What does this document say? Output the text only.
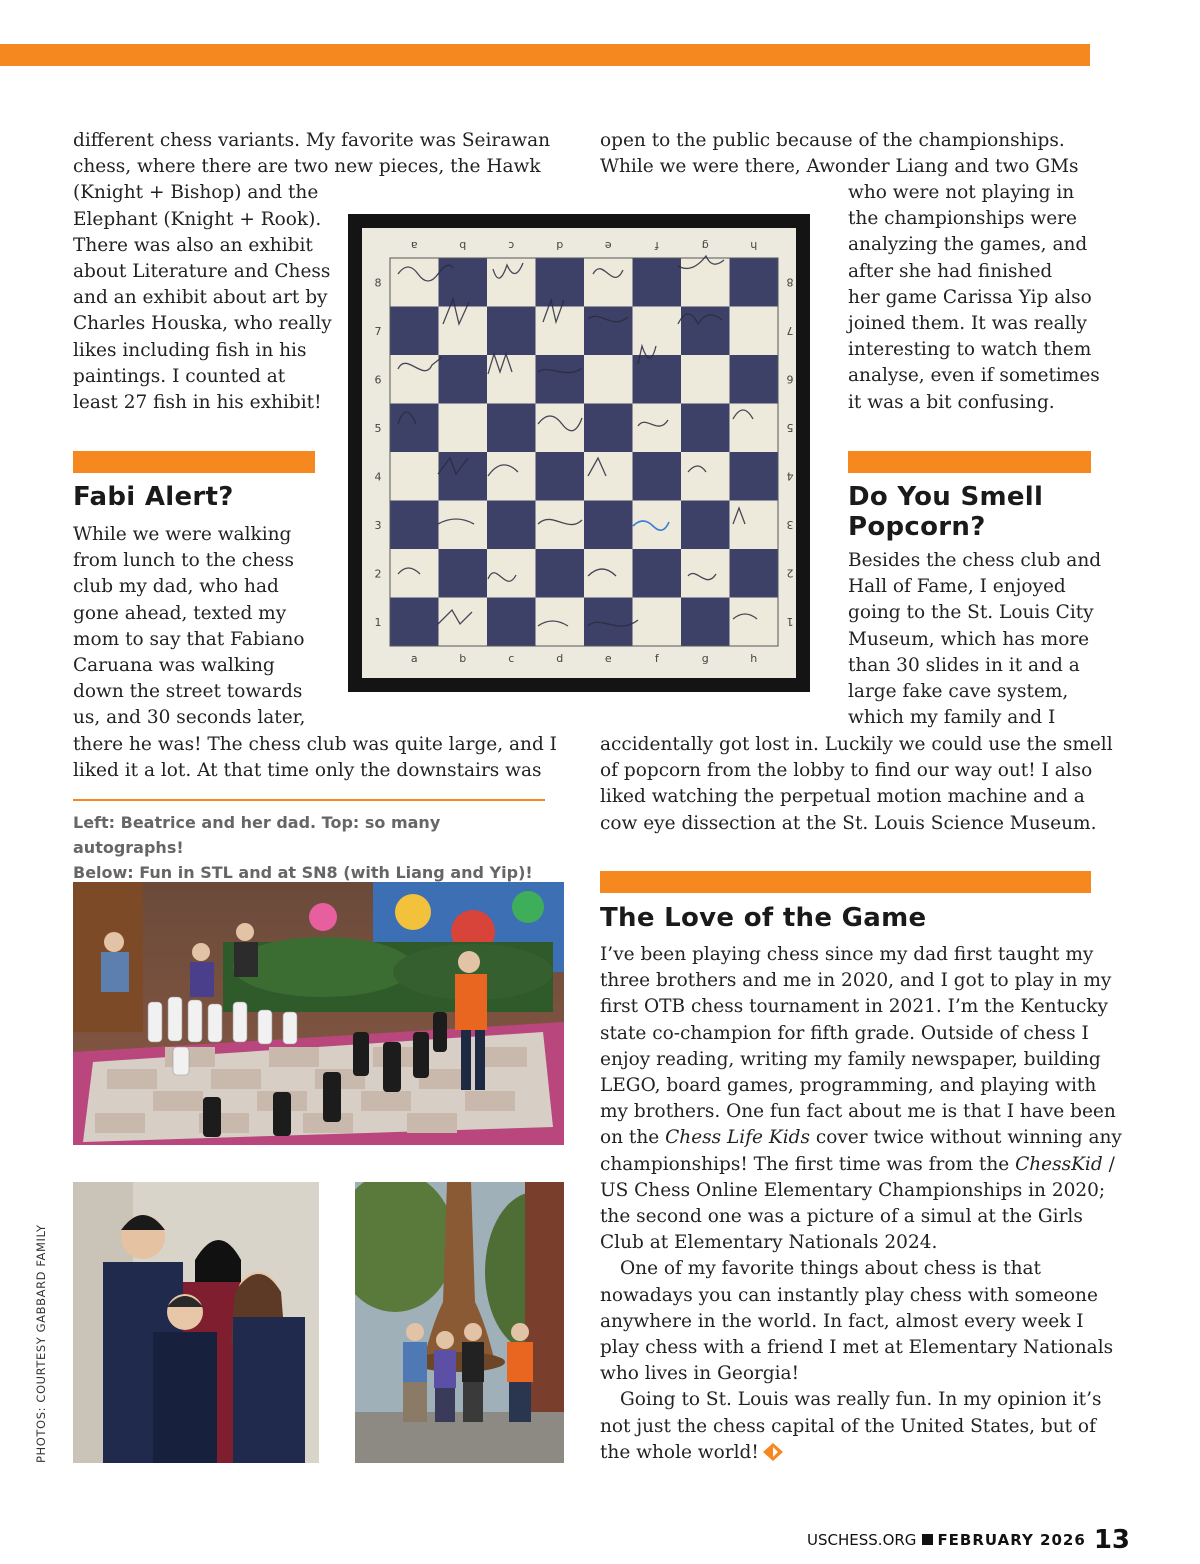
different chess variants. My favorite was Seirawan
chess, where there are two new pieces, the Hawk
(Knight + Bishop) and the
Elephant (Knight + Rook).
There was also an exhibit
about Literature and Chess
and an exhibit about art by
Charles Houska, who really
likes including fish in his
paintings. I counted at
least 27 fish in his exhibit!
Fabi Alert?
While we were walking
from lunch to the chess
club my dad, who had
gone ahead, texted my
mom to say that Fabiano
Caruana was walking
down the street towards
us, and 30 seconds later,
there he was! The chess club was quite large, and I
liked it a lot. At that time only the downstairs was
open to the public because of the championships.
While we were there, Awonder Liang and two GMs
who were not playing in
the championships were
analyzing the games, and
after she had finished
her game Carissa Yip also
joined them. It was really
interesting to watch them
analyse, even if sometimes
it was a bit confusing.
Do You Smell
Popcorn?
Besides the chess club and
Hall of Fame, I enjoyed
going to the St. Louis City
Museum, which has more
than 30 slides in it and a
large fake cave system,
which my family and I
accidentally got lost in. Luckily we could use the smell
of popcorn from the lobby to find our way out! I also
liked watching the perpetual motion machine and a
cow eye dissection at the St. Louis Science Museum.
a	b	c	d	e	f	g	h
a	b	c	d	e	f	g	h
8	8
7	7
6	6
5	5
4	4
3	3
2	2
1	1
Left: Beatrice and her dad. Top: so many autographs!
Below: Fun in STL and at SN8 (with Liang and Yip)!
The Love of the Game
I’ve been playing chess since my dad first taught my
three brothers and me in 2020, and I got to play in my
first OTB chess tournament in 2021. I’m the Kentucky
state co-champion for fifth grade. Outside of chess I
enjoy reading, writing my family newspaper, building
LEGO, board games, programming, and playing with
my brothers. One fun fact about me is that I have been
on the Chess Life Kids cover twice without winning any
championships! The first time was from the ChessKid /
US Chess Online Elementary Championships in 2020;
the second one was a picture of a simul at the Girls
Club at Elementary Nationals 2024.
One of my favorite things about chess is that
nowadays you can instantly play chess with someone
anywhere in the world. In fact, almost every week I
play chess with a friend I met at Elementary Nationals
who lives in Georgia!
Going to St. Louis was really fun. In my opinion it’s
not just the chess capital of the United States, but of
the whole world!
PHOTOS: COURTESY GABBARD FAMILY
USCHESS.ORG FEBRUARY 2026 13
